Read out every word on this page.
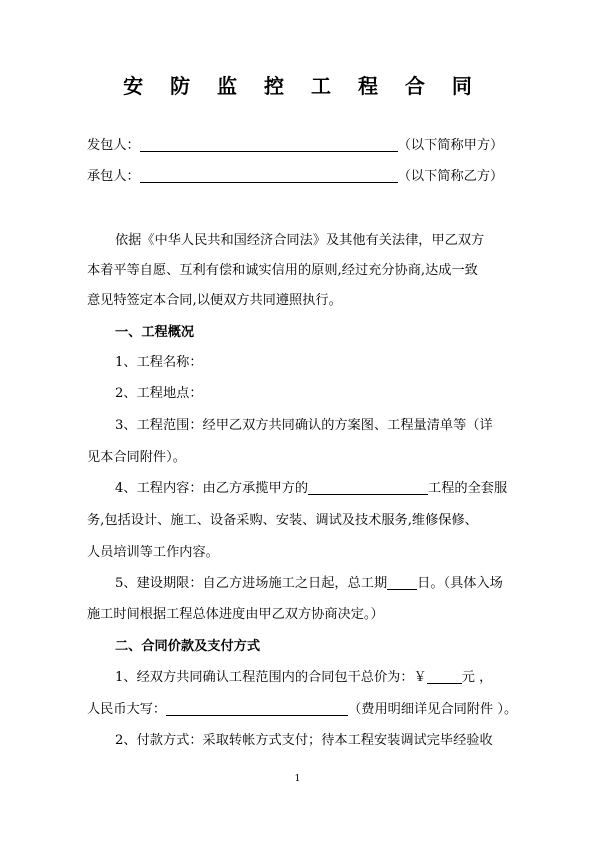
安 防 监 控 工 程 合 同
发包人：	（以下简称甲方）
承包人：	（以下简称乙方）
依据《中华人民共和国经济合同法》及其他有关法律，甲乙双方
本着平等自愿、互利有偿和诚实信用的原则,经过充分协商,达成一致
意见特签定本合同,以便双方共同遵照执行。
一、工程概况
1、工程名称：
2、工程地点：
3、工程范围：经甲乙双方共同确认的方案图、工程量清单等（详
见本合同附件）。
4、工程内容：由乙方承揽甲方的	工程的全套服
务,包括设计、施工、设备采购、安装、调试及技术服务,维修保修、
人员培训等工作内容。
5、建设期限：自乙方进场施工之日起，总工期 日。（具体入场
施工时间根据工程总体进度由甲乙双方协商决定。）
二、合同价款及支付方式
1、经双方共同确认工程范围内的合同包干总价为：￥	元 ，
人民币大写：	（费用明细详见合同附件 ）。
2、付款方式：采取转帐方式支付；待本工程安装调试完毕经验收
1
